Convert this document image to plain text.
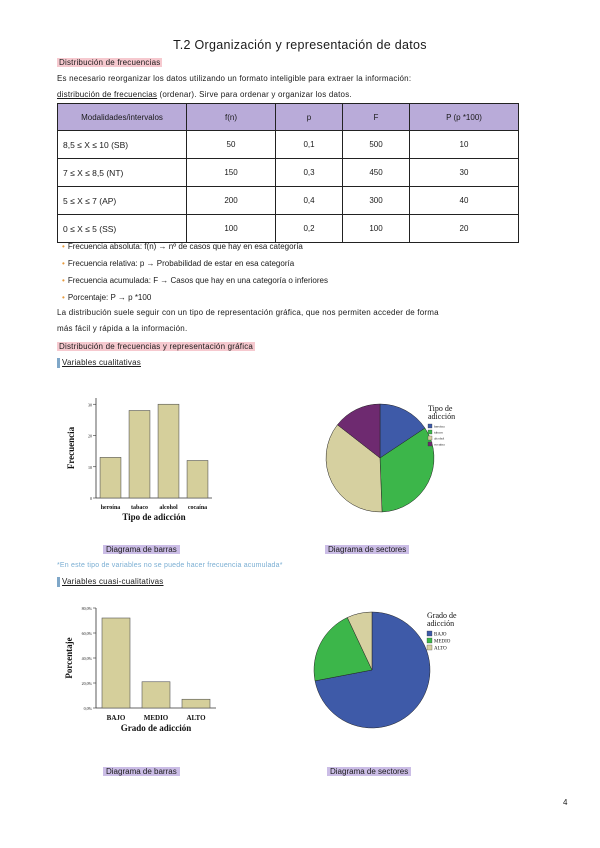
T.2 Organización y representación de datos
Distribución de frecuencias
Es necesario reorganizar los datos utilizando un formato inteligible para extraer la información:
distribución de frecuencias (ordenar). Sirve para ordenar y organizar los datos.
Modalidades/intervalos	f(n)	p	F	P (p *100)
8,5 ≤ X ≤ 10 (SB)	50	0,1	500	10
7 ≤ X ≤ 8,5 (NT)	150	0,3	450	30
5 ≤ X ≤ 7 (AP)	200	0,4	300	40
0 ≤ X ≤ 5 (SS)	100	0,2	100	20
• Frecuencia absoluta: f(n) → nº de casos que hay en esa categoría
• Frecuencia relativa: p → Probabilidad de estar en esa categoría
• Frecuencia acumulada: F → Casos que hay en una categoría o inferiores
• Porcentaje: P → p *100
La distribución suele seguir con un tipo de representación gráfica, que nos permiten acceder de forma
más fácil y rápida a la información.
Distribución de frecuencias y representación gráfica
Variables cualitativas
0
10
20
30
heroína tabaco alcohol cocaína
Tipo de adicción
Frecuencia
Tipo de
adicción
heroína
tabaco
alcohol
cocaína
Diagrama de barras	Diagrama de sectores
*En este tipo de variables no se puede hacer frecuencia acumulada*
Variables cuasi-cualitativas
0,0%
20,0%
40,0%
60,0%
80,0%
BAJO	MEDIO	ALTO
Grado de adicción
Porcentaje
Grado de
adicción
BAJO
MEDIO
ALTO
Diagrama de barras	Diagrama de sectores
4
